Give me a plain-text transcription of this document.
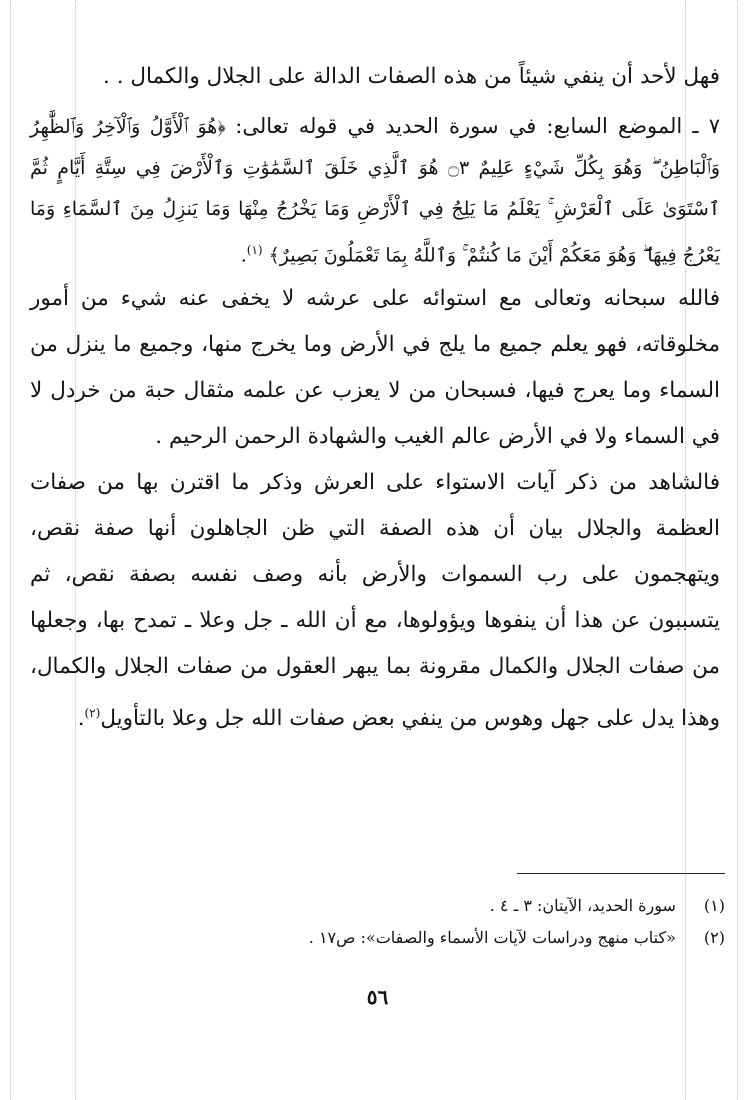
فهل لأحد أن ينفي شيئاً من هذه الصفات الدالة على الجلال والكمال . .

٧ ـ الموضع السابع: في سورة الحديد في قوله تعالى: ﴿هُوَ ٱلْأَوَّلُ وَٱلْآخِرُ وَٱلظَّٰهِرُ وَٱلْبَاطِنُ ۖ وَهُوَ بِكُلِّ شَيْءٍ عَلِيمٌ ۝٣ هُوَ ٱلَّذِي خَلَقَ ٱلسَّمَٰوَٰتِ وَٱلْأَرْضَ فِي سِتَّةِ أَيَّامٍ ثُمَّ ٱسْتَوَىٰ عَلَى ٱلْعَرْشِ ۚ يَعْلَمُ مَا يَلِجُ فِي ٱلْأَرْضِ وَمَا يَخْرُجُ مِنْهَا وَمَا يَنزِلُ مِنَ ٱلسَّمَاءِ وَمَا يَعْرُجُ فِيهَا ۖ وَهُوَ مَعَكُمْ أَيْنَ مَا كُنتُمْ ۚ وَٱللَّهُ بِمَا تَعْمَلُونَ بَصِيرٌ﴾ $^{(١)}$.

فالله سبحانه وتعالى مع استوائه على عرشه لا يخفى عنه شيء من أمور مخلوقاته، فهو يعلم جميع ما يلج في الأرض وما يخرج منها، وجميع ما ينزل من السماء وما يعرج فيها، فسبحان من لا يعزب عن علمه مثقال حبة من خردل لا في السماء ولا في الأرض عالم الغيب والشهادة الرحمن الرحيم .

فالشاهد من ذكر آيات الاستواء على العرش وذكر ما اقترن بها من صفات العظمة والجلال بيان أن هذه الصفة التي ظن الجاهلون أنها صفة نقص، ويتهجمون على رب السموات والأرض بأنه وصف نفسه بصفة نقص، ثم يتسببون عن هذا أن ينفوها ويؤولوها، مع أن الله ـ جل وعلا ـ تمدح بها، وجعلها من صفات الجلال والكمال مقرونة بما يبهر العقول من صفات الجلال والكمال، وهذا يدل على جهل وهوس من ينفي بعض صفات الله جل وعلا بالتأويل$^{(٢)}$.

(١) سورة الحديد، الآيتان: ٣ ـ ٤ .

(٢) «كتاب منهج ودراسات لآيات الأسماء والصفات»: ص١٧ .

٥٦
